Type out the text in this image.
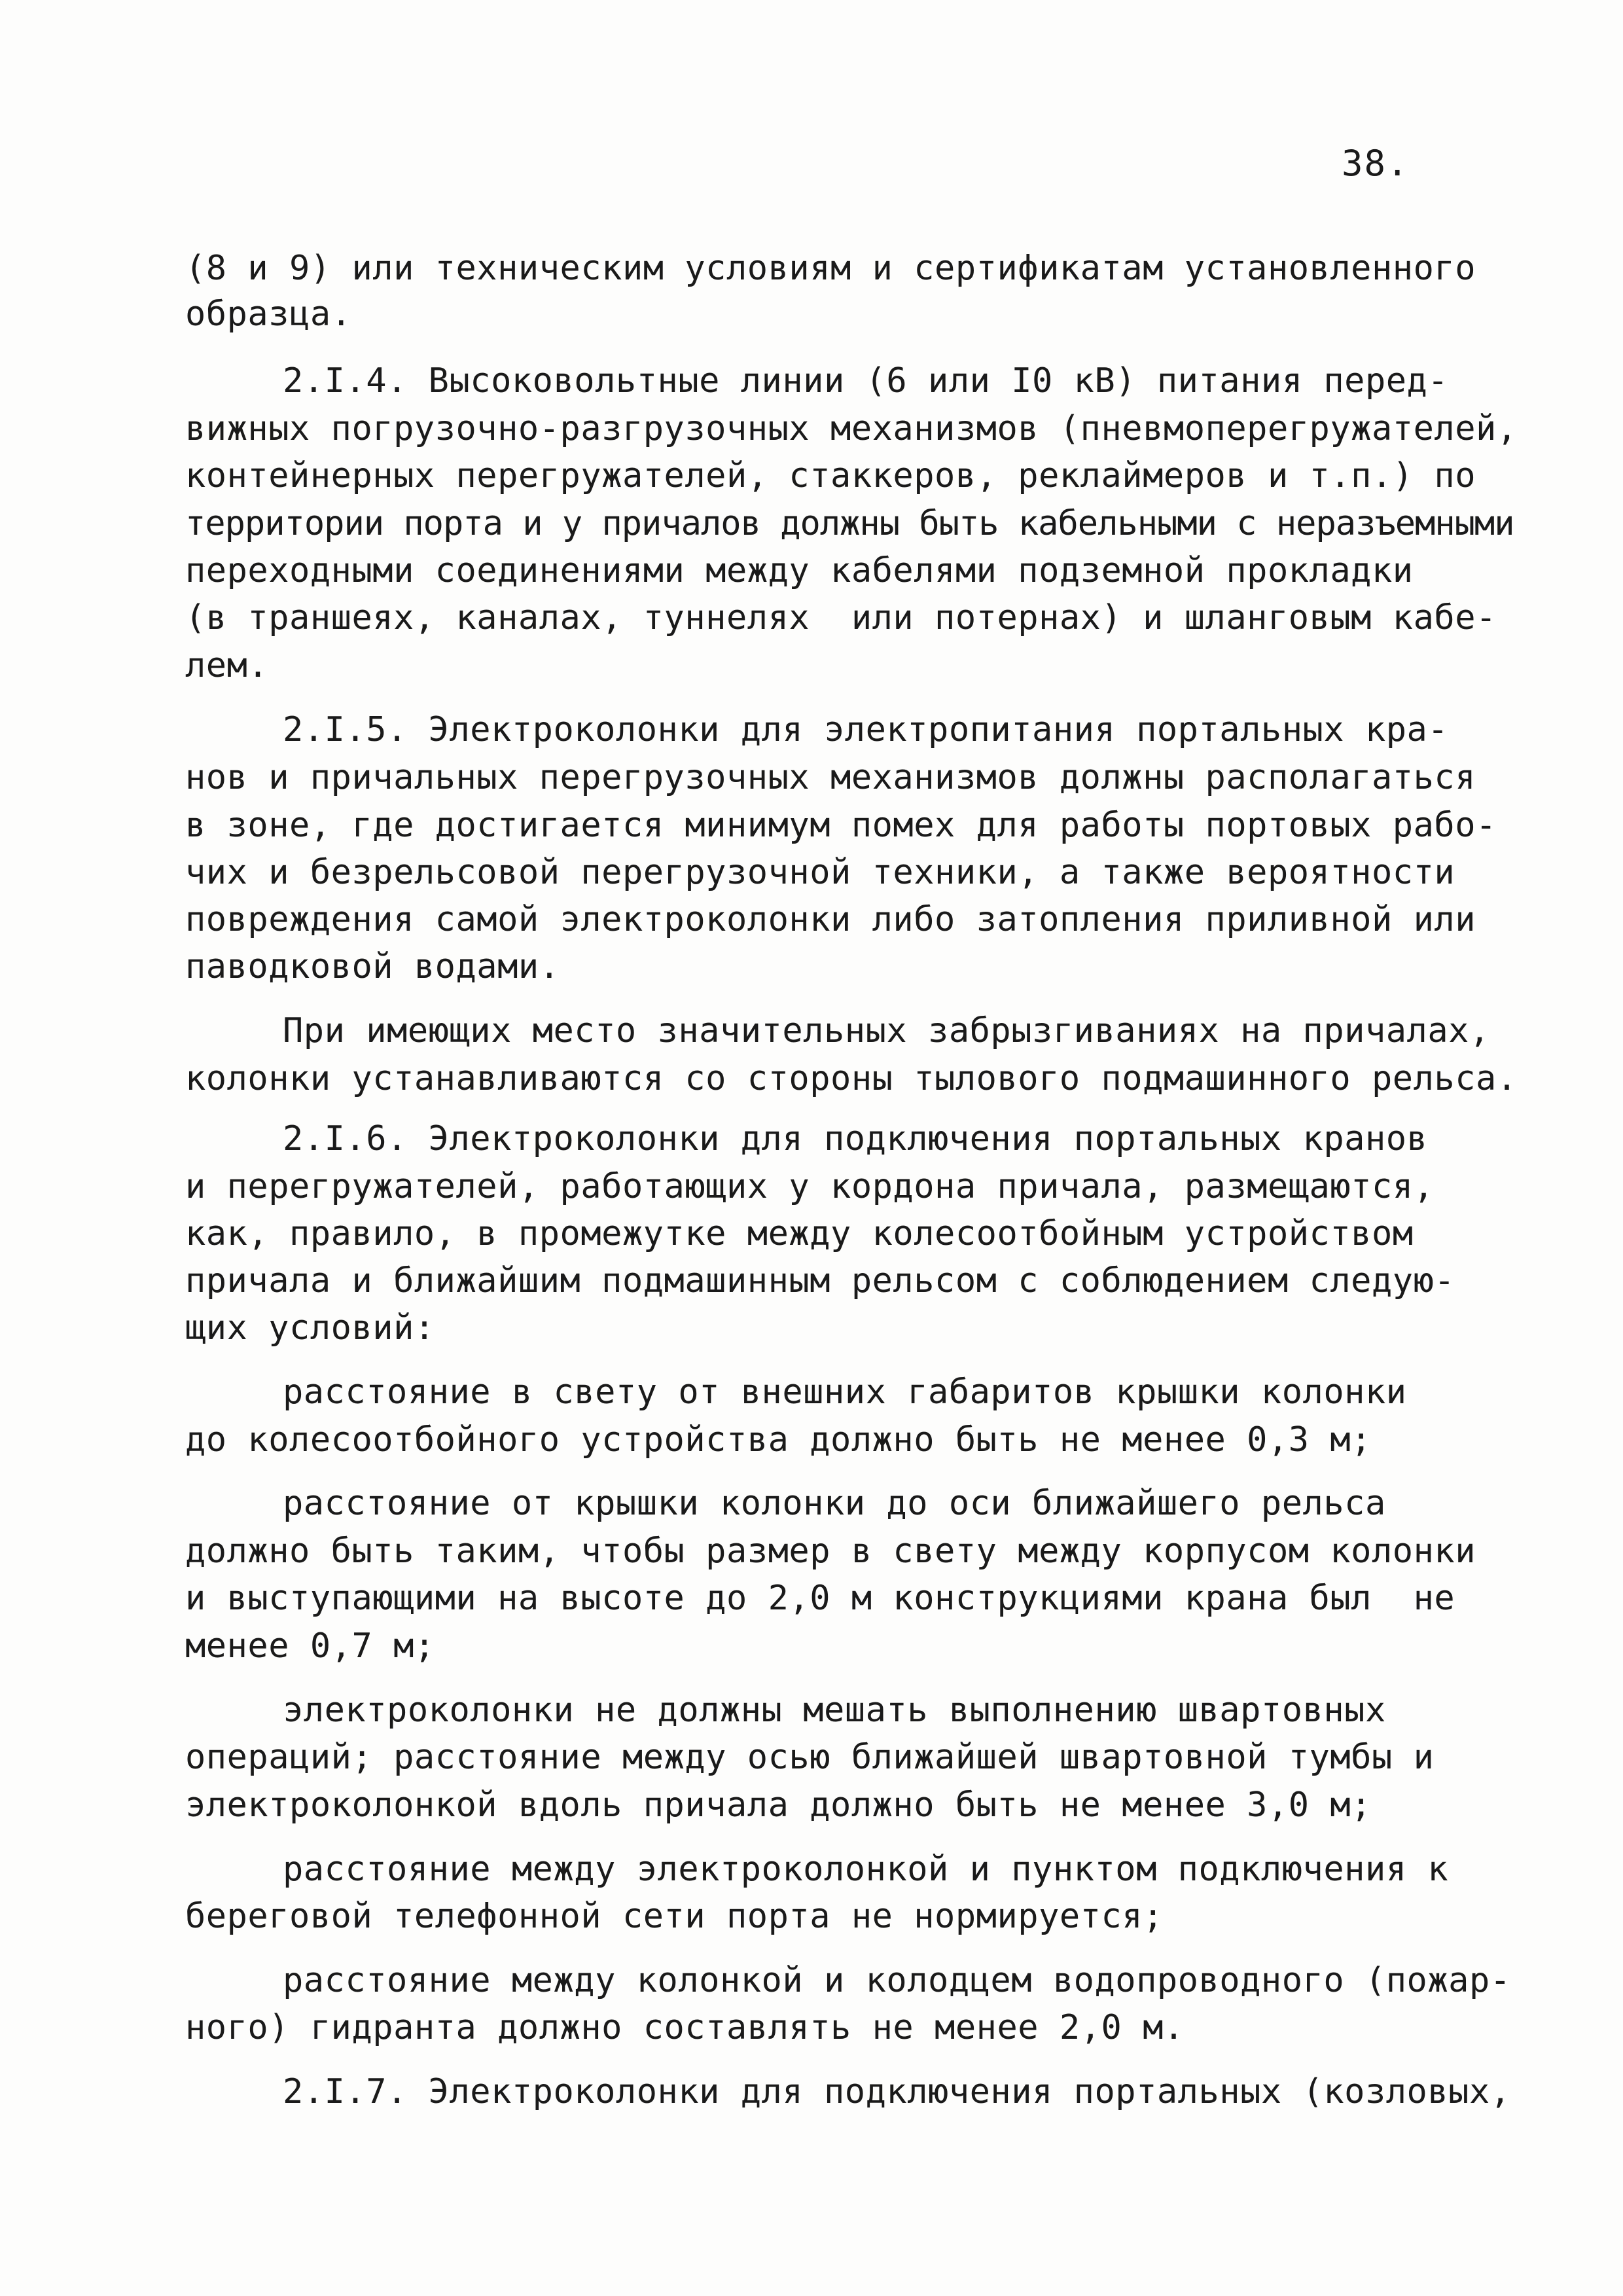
38.
(8 и 9) или техническим условиям и сертификатам установленного
образца.
2.I.4. Высоковольтные линии (6 или I0 кВ) питания перед-
вижных погрузочно-разгрузочных механизмов (пневмоперегружателей,
контейнерных перегружателей, стаккеров, реклаймеров и т.п.) по
территории порта и у причалов должны быть кабельными с неразъемными
переходными соединениями между кабелями подземной прокладки
(в траншеях, каналах, туннелях  или потернах) и шланговым кабе-
лем.
2.I.5. Электроколонки для электропитания портальных кра-
нов и причальных перегрузочных механизмов должны располагаться
в зоне, где достигается минимум помех для работы портовых рабо-
чих и безрельсовой перегрузочной техники, а также вероятности
повреждения самой электроколонки либо затопления приливной или
паводковой водами.
При имеющих место значительных забрызгиваниях на причалах,
колонки устанавливаются со стороны тылового подмашинного рельса.
2.I.6. Электроколонки для подключения портальных кранов
и перегружателей, работающих у кордона причала, размещаются,
как, правило, в промежутке между колесоотбойным устройством
причала и ближайшим подмашинным рельсом с соблюдением следую-
щих условий:
расстояние в свету от внешних габаритов крышки колонки
до колесоотбойного устройства должно быть не менее 0,3 м;
расстояние от крышки колонки до оси ближайшего рельса
должно быть таким, чтобы размер в свету между корпусом колонки
и выступающими на высоте до 2,0 м конструкциями крана был  не
менее 0,7 м;
электроколонки не должны мешать выполнению швартовных
операций; расстояние между осью ближайшей швартовной тумбы и
электроколонкой вдоль причала должно быть не менее 3,0 м;
расстояние между электроколонкой и пунктом подключения к
береговой телефонной сети порта не нормируется;
расстояние между колонкой и колодцем водопроводного (пожар-
ного) гидранта должно составлять не менее 2,0 м.
2.I.7. Электроколонки для подключения портальных (козловых,
